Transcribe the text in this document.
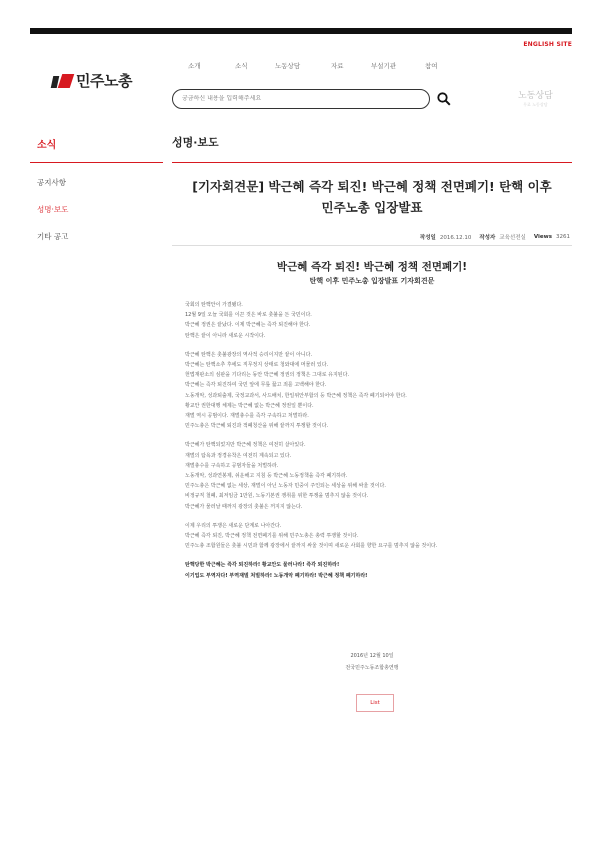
ENGLISH SITE
민주노총
소개	소식	노동상담	자료	부설기관	참여
궁금하신 내용을 입력해주세요
노동상담
무료 노동상담
소식
공지사항
성명·보도
기타 공고
성명·보도
[기자회견문] 박근혜 즉각 퇴진! 박근혜 정책 전면폐기! 탄핵 이후
민주노총 입장발표
작성일 2016.12.10 작성자 교육선전실 Views 3261
박근혜 즉각 퇴진! 박근혜 정책 전면폐기!
탄핵 이후 민주노총 입장발표 기자회견문

국회의 탄핵안이 가결됐다.
12월 9일 오늘 국회를 이끈 것은 바로 촛불을 든 국민이다.
박근혜 정권은 끝났다. 이제 박근혜는 즉각 퇴진해야 한다.
탄핵은 끝이 아니라 새로운 시작이다.

박근혜 탄핵은 촛불광장의 역사적 승리이지만 끝이 아니다.
박근혜는 탄핵소추 후에도 직무정지 상태로 청와대에 머물러 있다.
헌법재판소의 심판을 기다리는 동안 박근혜 정권의 정책은 그대로 유지된다.
박근혜는 즉각 퇴진하여 국민 앞에 무릎 꿇고 죄를 고백해야 한다.
노동개악, 성과퇴출제, 국정교과서, 사드배치, 한일위안부합의 등 박근혜 정책은 즉각 폐기되어야 한다.
황교안 권한대행 체제는 박근혜 없는 박근혜 정권일 뿐이다.
재벌 역시 공범이다. 재벌총수를 즉각 구속하고 처벌하라.
민주노총은 박근혜 퇴진과 적폐청산을 위해 끝까지 투쟁할 것이다.

박근혜가 탄핵되었지만 박근혜 정책은 여전히 살아있다.
재벌의 탐욕과 정경유착은 여전히 계속되고 있다.
재벌총수를 구속하고 공범자들을 처벌하라.
노동개악, 성과연봉제, 쉬운해고 지침 등 박근혜 노동정책을 즉각 폐기하라.
민주노총은 박근혜 없는 세상, 재벌이 아닌 노동자 민중이 주인되는 세상을 위해 싸울 것이다.
비정규직 철폐, 최저임금 1만원, 노동기본권 쟁취를 위한 투쟁을 멈추지 않을 것이다.
박근혜가 물러날 때까지 광장의 촛불은 꺼지지 않는다.

이제 우리의 투쟁은 새로운 단계로 나아간다.
박근혜 즉각 퇴진, 박근혜 정책 전면폐기를 위해 민주노총은 총력 투쟁할 것이다.
민주노총 조합원들은 촛불 시민과 함께 광장에서 끝까지 싸울 것이며 새로운 사회를 향한 요구를 멈추지 않을 것이다.

탄핵당한 박근혜는 즉각 퇴진하라! 황교안도 물러나라! 즉각 퇴진하라!

이기업도 부역자다! 부역재벌 처벌하라! 노동개악 폐기하라! 박근혜 정책 폐기하라!

2016년 12월 10일
전국민주노동조합총연맹
List
